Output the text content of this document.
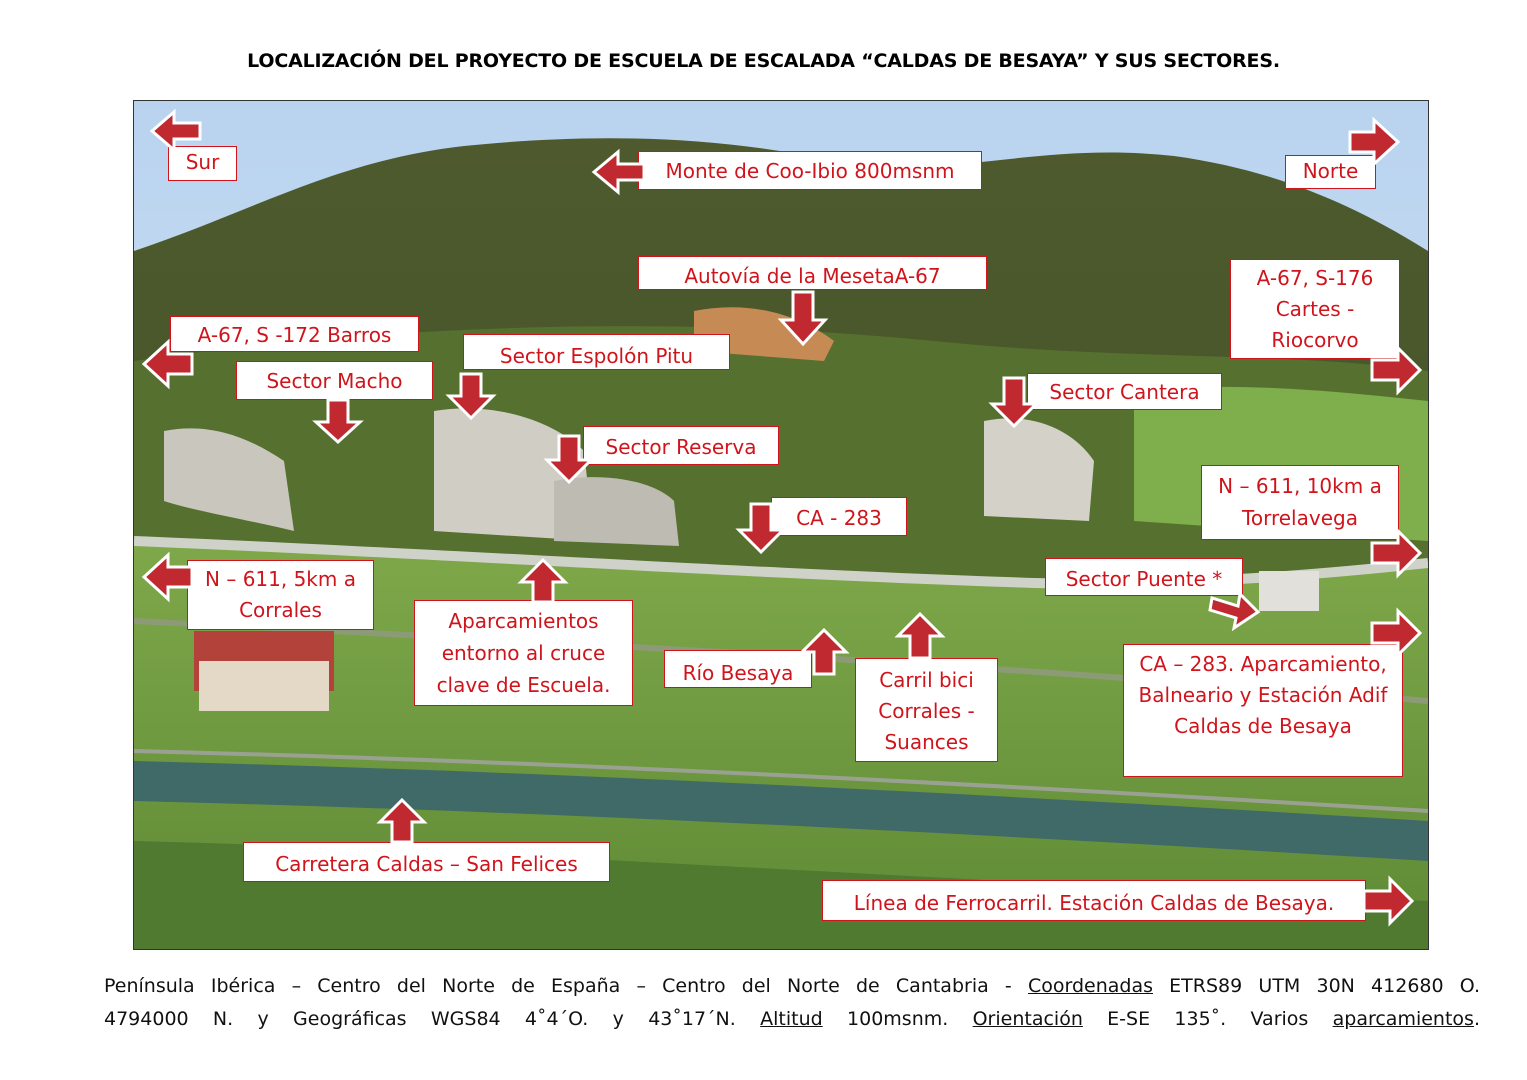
LOCALIZACIÓN DEL PROYECTO DE ESCUELA DE ESCALADA “CALDAS DE BESAYA” Y SUS SECTORES.
Sur	Monte de Coo-Ibio 800msnm	Norte
Autovía de la MesetaA-67	A-67, S-176 Cartes - Riocorvo
A-67, S -172 Barros
Sector Espolón Pitu
Sector Macho	Sector Cantera
Sector Reserva
N – 611, 10km a Torrelavega
CA - 283
N – 611, 5km a Corrales
Sector Puente *
Aparcamientos entorno al cruce clave de Escuela.	Río Besaya	Carril bici Corrales - Suances
CA – 283. Aparcamiento, Balneario y Estación Adif Caldas de Besaya
Carretera Caldas – San Felices
Línea de Ferrocarril. Estación Caldas de Besaya.
Península Ibérica – Centro del Norte de España – Centro del Norte de Cantabria - Coordenadas ETRS89 UTM 30N 412680 O.
4794000 N. y Geográficas WGS84 4˚4´O. y 43˚17´N. Altitud 100msnm. Orientación E-SE 135˚. Varios aparcamientos.
